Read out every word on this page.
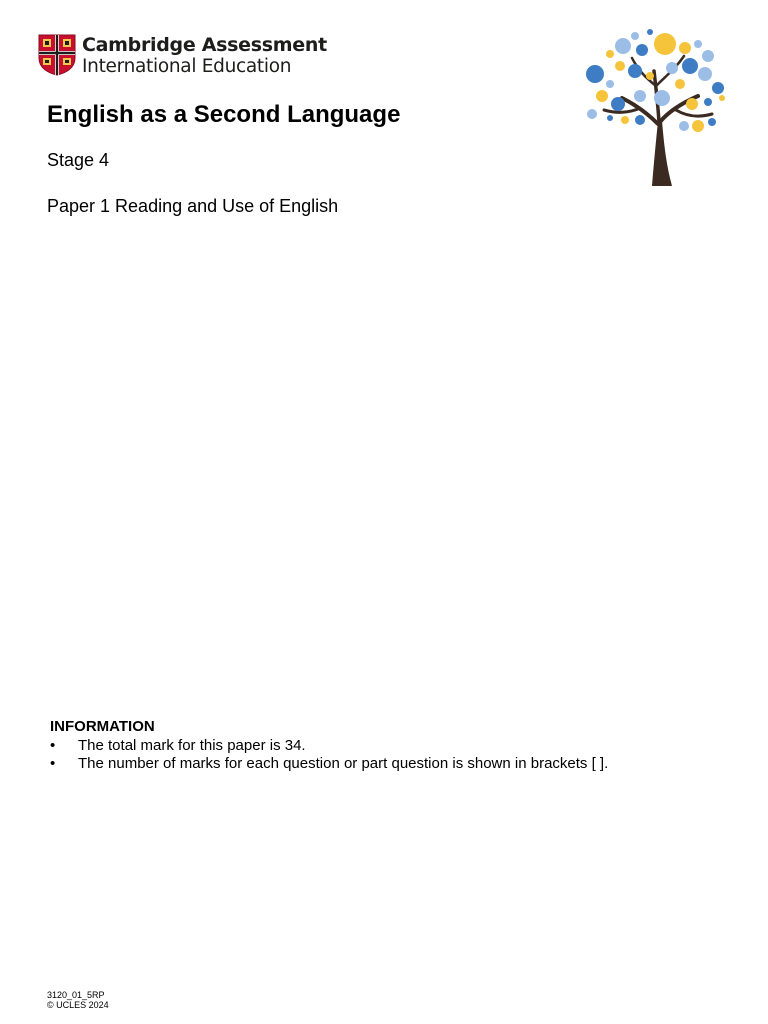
Cambridge Assessment
International Education
English as a Second Language
Stage 4
Paper 1 Reading and Use of English
INFORMATION
• The total mark for this paper is 34.
• The number of marks for each question or part question is shown in brackets [ ].
3120_01_5RP
© UCLES 2024
